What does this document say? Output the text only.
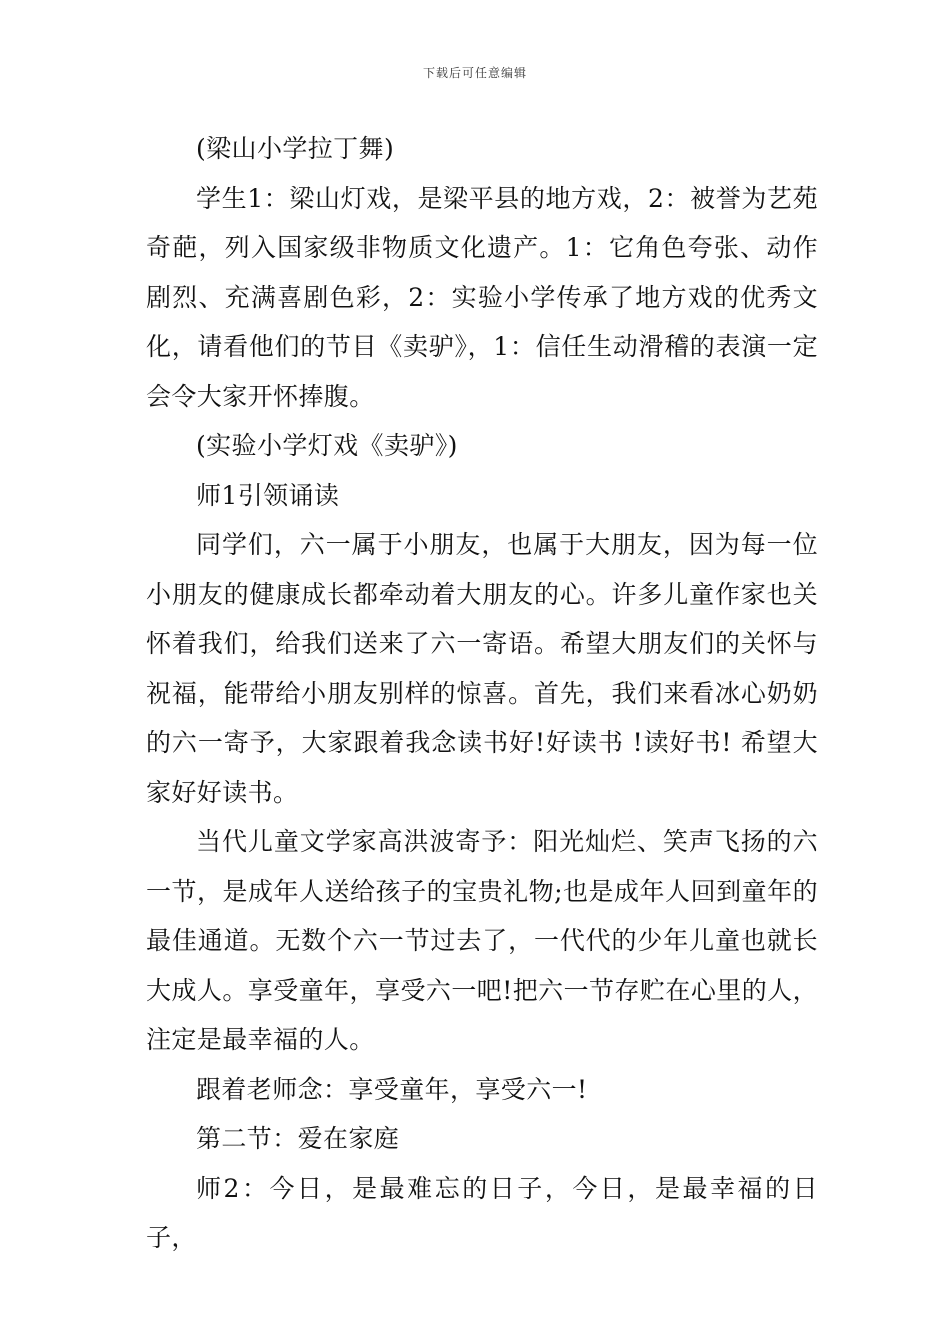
下载后可任意编辑

(梁山小学拉丁舞)

学生1：梁山灯戏，是梁平县的地方戏，2：被誉为艺苑奇葩，列入国家级非物质文化遗产。1：它角色夸张、动作剧烈、充满喜剧色彩，2：实验小学传承了地方戏的优秀文化，请看他们的节目《卖驴》，1：信任生动滑稽的表演一定会令大家开怀捧腹。

(实验小学灯戏《卖驴》)

师1引领诵读

同学们，六一属于小朋友，也属于大朋友，因为每一位小朋友的健康成长都牵动着大朋友的心。许多儿童作家也关怀着我们，给我们送来了六一寄语。希望大朋友们的关怀与祝福，能带给小朋友别样的惊喜。首先，我们来看冰心奶奶的六一寄予，大家跟着我念读书好!好读书 !读好书! 希望大家好好读书。

当代儿童文学家高洪波寄予：阳光灿烂、笑声飞扬的六一节，是成年人送给孩子的宝贵礼物;也是成年人回到童年的最佳通道。无数个六一节过去了，一代代的少年儿童也就长大成人。享受童年，享受六一吧!把六一节存贮在心里的人，注定是最幸福的人。

跟着老师念：享受童年，享受六一!

第二节：爱在家庭

师2：今日，是最难忘的日子，今日，是最幸福的日子，
